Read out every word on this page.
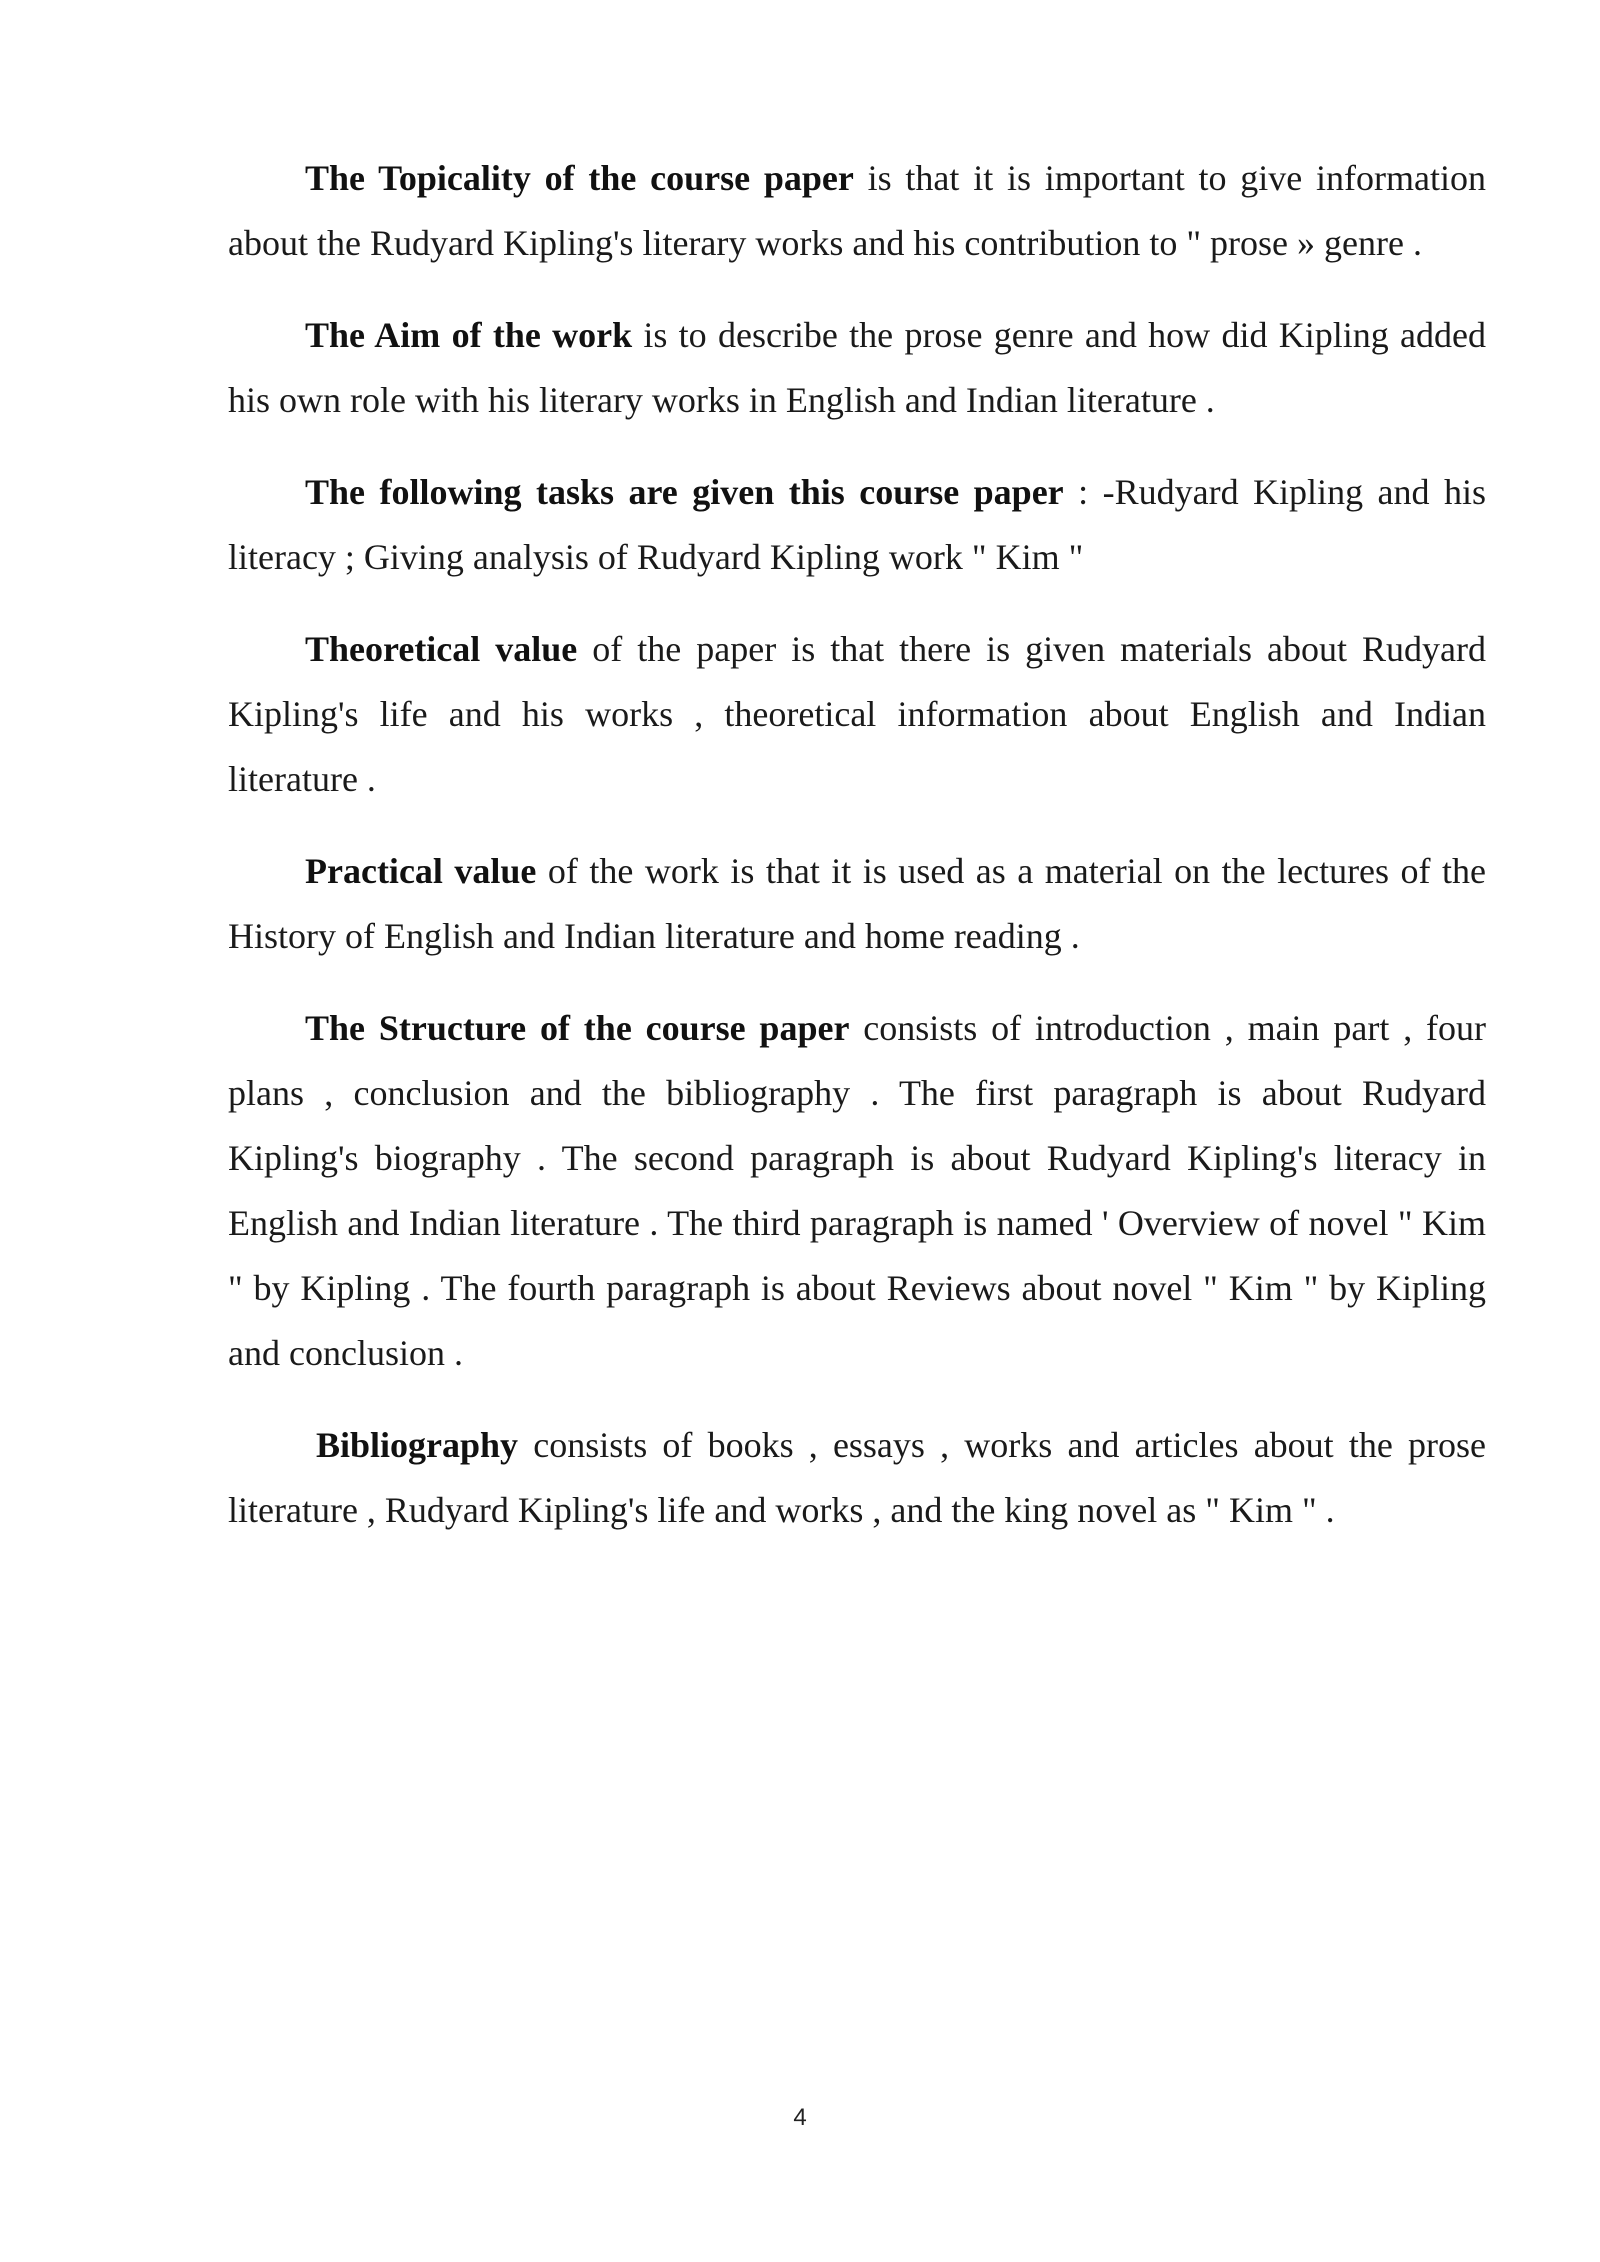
The Topicality of the course paper is that it is important to give information about the Rudyard Kipling's literary works and his contribution to " prose » genre .

The Aim of the work is to describe the prose genre and how did Kipling added his own role with his literary works in English and Indian literature .

The following tasks are given this course paper : -Rudyard Kipling and his literacy ; Giving analysis of Rudyard Kipling work " Kim "

Theoretical value of the paper is that there is given materials about Rudyard Kipling's life and his works , theoretical information about English and Indian literature .

Practical value of the work is that it is used as a material on the lectures of the History of English and Indian literature and home reading .

The Structure of the course paper consists of introduction , main part , four plans , conclusion and the bibliography . The first paragraph is about Rudyard Kipling's biography . The second paragraph is about Rudyard Kipling's literacy in English and Indian literature . The third paragraph is named ' Overview of novel " Kim " by Kipling . The fourth paragraph is about Reviews about novel " Kim " by Kipling and conclusion .

Bibliography consists of books , essays , works and articles about the prose literature , Rudyard Kipling's life and works , and the king novel as " Kim " .

4
